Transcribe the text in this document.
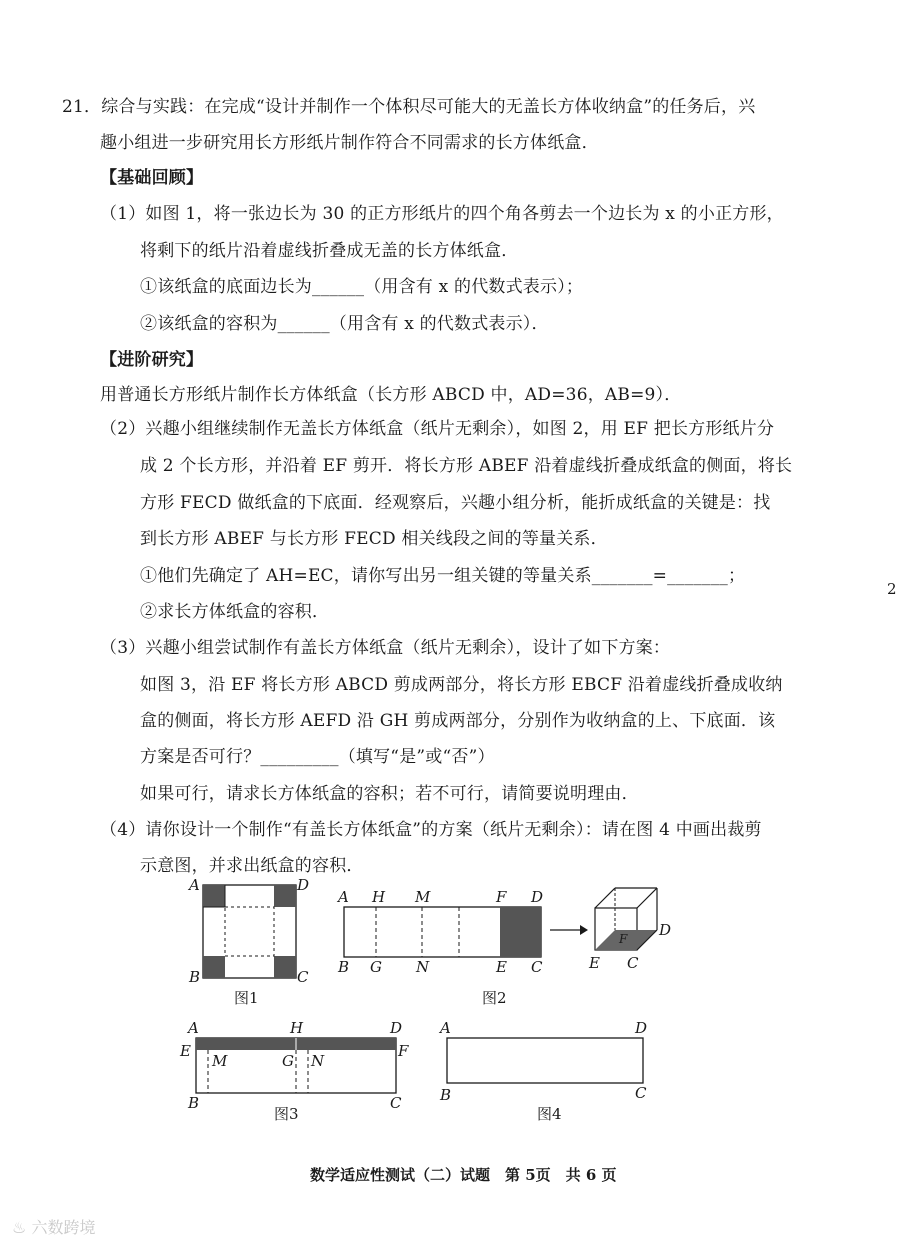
21．综合与实践：在完成“设计并制作一个体积尽可能大的无盖长方体收纳盒”的任务后，兴
趣小组进一步研究用长方形纸片制作符合不同需求的长方体纸盒．
【基础回顾】
（1）如图 1，将一张边长为 30 的正方形纸片的四个角各剪去一个边长为 x 的小正方形，
将剩下的纸片沿着虚线折叠成无盖的长方体纸盒．
①该纸盒的底面边长为______（用含有 x 的代数式表示）；
②该纸盒的容积为______（用含有 x 的代数式表示）．
【进阶研究】
用普通长方形纸片制作长方体纸盒（长方形 ABCD 中，AD=36，AB=9）．
（2）兴趣小组继续制作无盖长方体纸盒（纸片无剩余），如图 2，用 EF 把长方形纸片分
成 2 个长方形，并沿着 EF 剪开．将长方形 ABEF 沿着虚线折叠成纸盒的侧面，将长
方形 FECD 做纸盒的下底面．经观察后，兴趣小组分析，能折成纸盒的关键是：找
到长方形 ABEF 与长方形 FECD 相关线段之间的等量关系．
①他们先确定了 AH=EC，请你写出另一组关键的等量关系_______=_______；
②求长方体纸盒的容积．
（3）兴趣小组尝试制作有盖长方体纸盒（纸片无剩余），设计了如下方案：
如图 3，沿 EF 将长方形 ABCD 剪成两部分，将长方形 EBCF 沿着虚线折叠成收纳
盒的侧面，将长方形 AEFD 沿 GH 剪成两部分，分别作为收纳盒的上、下底面．该
方案是否可行？_________（填写“是”或“否”）
如果可行，请求长方体纸盒的容积；若不可行，请简要说明理由．
（4）请你设计一个制作“有盖长方体纸盒”的方案（纸片无剩余）：请在图 4 中画出裁剪
示意图，并求出纸盒的容积．
2
A	D
B	C
图1
A H M	F D
B G N	E C
图2
F D
E C
A	H	D
E	F
M	G N
B	C
图3
A	D
B	C
图4
数学适应性测试（二）试题　第 5页　共 6 页
♨ 六数跨境
